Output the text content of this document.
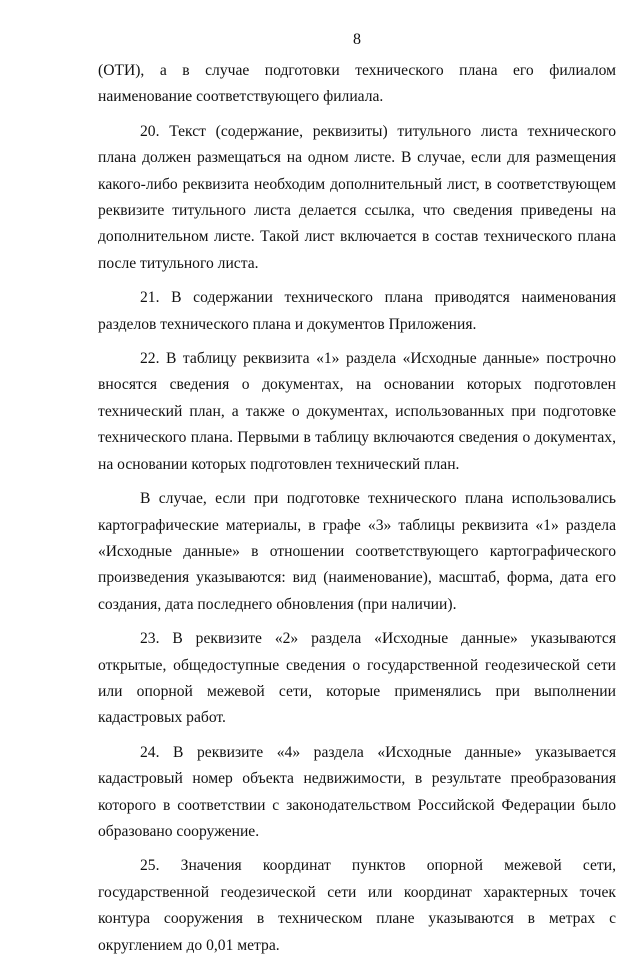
8

(ОТИ), а в случае подготовки технического плана его филиалом наименование соответствующего филиала.

20. Текст (содержание, реквизиты) титульного листа технического плана должен размещаться на одном листе. В случае, если для размещения какого-либо реквизита необходим дополнительный лист, в соответствующем реквизите титульного листа делается ссылка, что сведения приведены на дополнительном листе. Такой лист включается в состав технического плана после титульного листа.

21. В содержании технического плана приводятся наименования разделов технического плана и документов Приложения.

22. В таблицу реквизита «1» раздела «Исходные данные» построчно вносятся сведения о документах, на основании которых подготовлен технический план, а также о документах, использованных при подготовке технического плана. Первыми в таблицу включаются сведения о документах, на основании которых подготовлен технический план.

В случае, если при подготовке технического плана использовались картографические материалы, в графе «3» таблицы реквизита «1» раздела «Исходные данные» в отношении соответствующего картографического произведения указываются: вид (наименование), масштаб, форма, дата его создания, дата последнего обновления (при наличии).

23. В реквизите «2» раздела «Исходные данные» указываются открытые, общедоступные сведения о государственной геодезической сети или опорной межевой сети, которые применялись при выполнении кадастровых работ.

24. В реквизите «4» раздела «Исходные данные» указывается кадастровый номер объекта недвижимости, в результате преобразования которого в соответствии с законодательством Российской Федерации было образовано сооружение.

25. Значения координат пунктов опорной межевой сети, государственной геодезической сети или координат характерных точек контура сооружения в техническом плане указываются в метрах с округлением до 0,01 метра.
